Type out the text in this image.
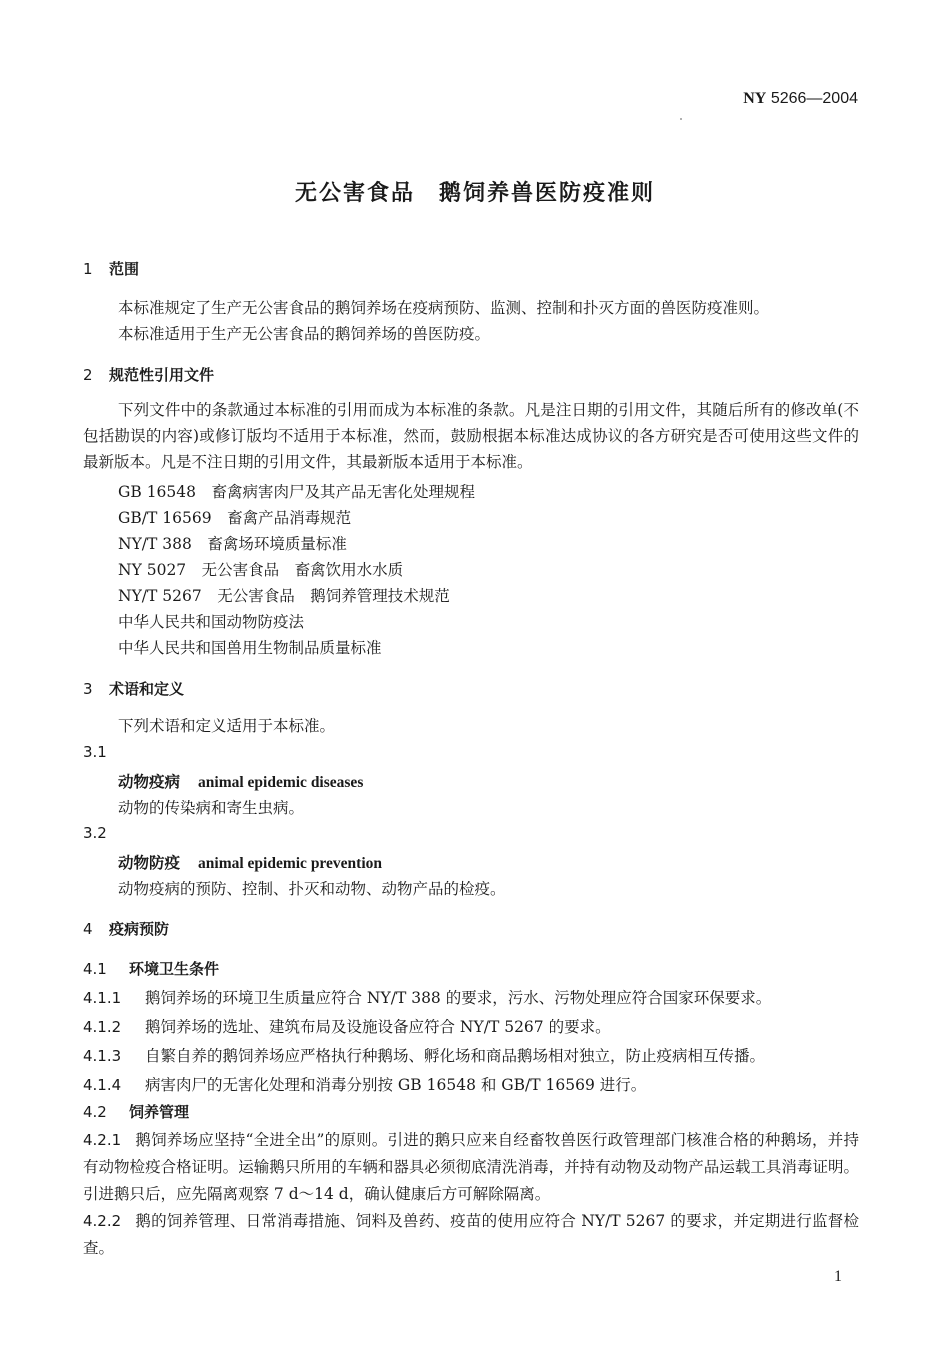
NY 5266—2004
无公害食品　鹅饲养兽医防疫准则
1 范围
本标准规定了生产无公害食品的鹅饲养场在疫病预防、监测、控制和扑灭方面的兽医防疫准则。
本标准适用于生产无公害食品的鹅饲养场的兽医防疫。
2 规范性引用文件
下列文件中的条款通过本标准的引用而成为本标准的条款。凡是注日期的引用文件，其随后所有的修改单(不包括勘误的内容)或修订版均不适用于本标准，然而，鼓励根据本标准达成协议的各方研究是否可使用这些文件的最新版本。凡是不注日期的引用文件，其最新版本适用于本标准。
GB 16548　畜禽病害肉尸及其产品无害化处理规程
GB/T 16569　畜禽产品消毒规范
NY/T 388　畜禽场环境质量标准
NY 5027　无公害食品　畜禽饮用水水质
NY/T 5267　无公害食品　鹅饲养管理技术规范
中华人民共和国动物防疫法
中华人民共和国兽用生物制品质量标准
3 术语和定义
下列术语和定义适用于本标准。
3.1
动物疫病 animal epidemic diseases
动物的传染病和寄生虫病。
3.2
动物防疫 animal epidemic prevention
动物疫病的预防、控制、扑灭和动物、动物产品的检疫。
4 疫病预防
4.1 环境卫生条件
4.1.1 鹅饲养场的环境卫生质量应符合 NY/T 388 的要求，污水、污物处理应符合国家环保要求。
4.1.2 鹅饲养场的选址、建筑布局及设施设备应符合 NY/T 5267 的要求。
4.1.3 自繁自养的鹅饲养场应严格执行种鹅场、孵化场和商品鹅场相对独立，防止疫病相互传播。
4.1.4 病害肉尸的无害化处理和消毒分别按 GB 16548 和 GB/T 16569 进行。
4.2 饲养管理
4.2.1 鹅饲养场应坚持“全进全出”的原则。引进的鹅只应来自经畜牧兽医行政管理部门核准合格的种鹅场，并持有动物检疫合格证明。运输鹅只所用的车辆和器具必须彻底清洗消毒，并持有动物及动物产品运载工具消毒证明。引进鹅只后，应先隔离观察 7 d～14 d，确认健康后方可解除隔离。
4.2.2 鹅的饲养管理、日常消毒措施、饲料及兽药、疫苗的使用应符合 NY/T 5267 的要求，并定期进行监督检查。
1
